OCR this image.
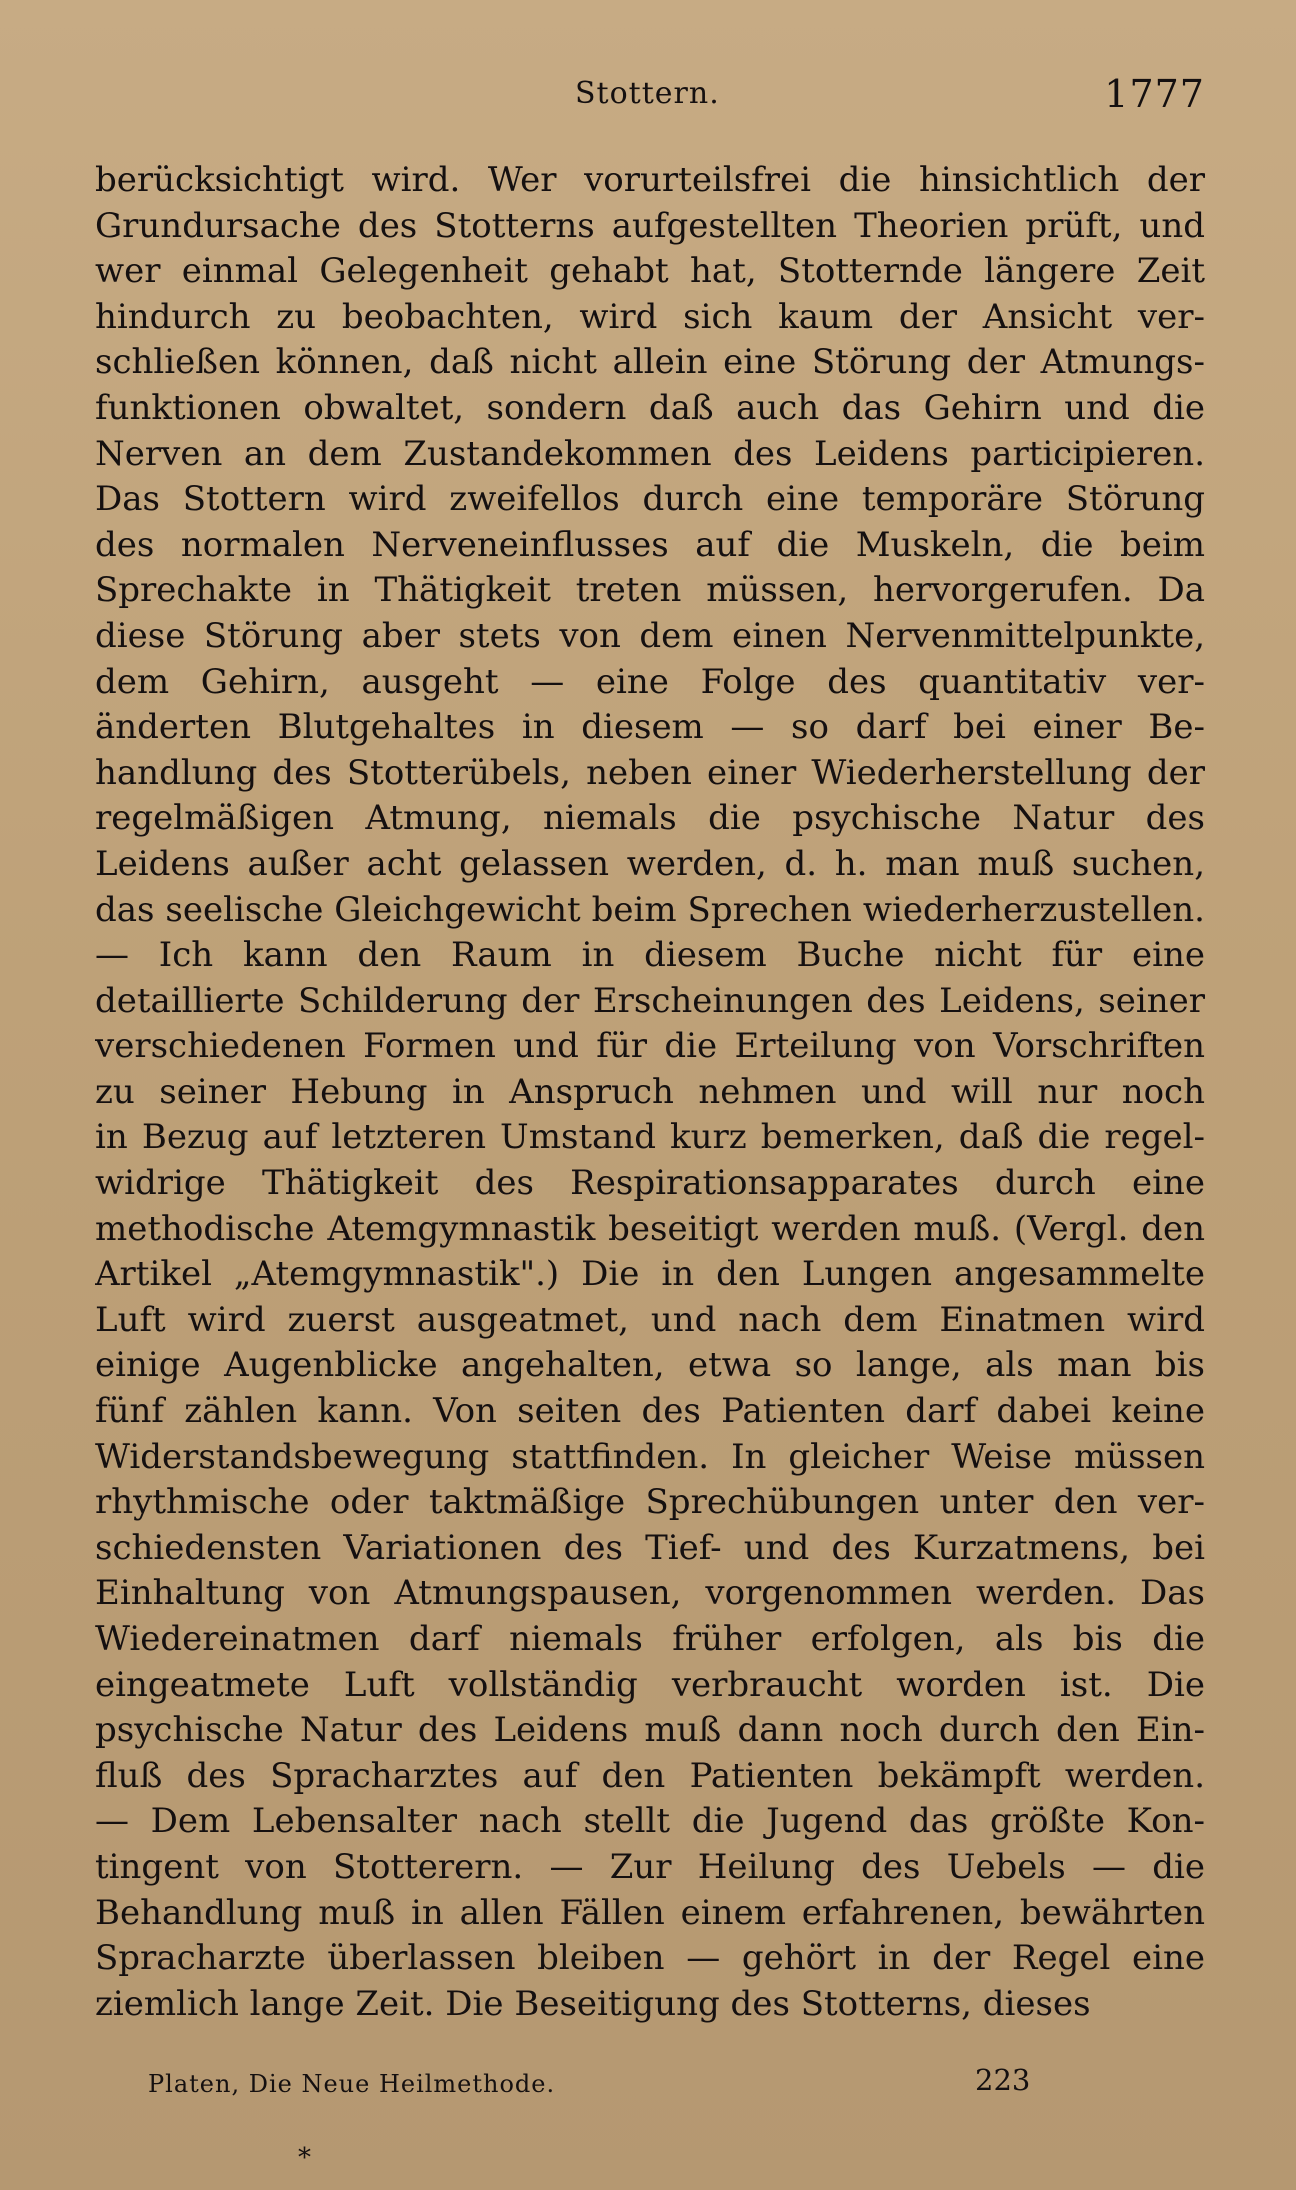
Stottern.	1777
berücksichtigt wird. Wer vorurteilsfrei die hinsichtlich der
Grundursache des Stotterns aufgestellten Theorien prüft, und
wer einmal Gelegenheit gehabt hat, Stotternde längere Zeit
hindurch zu beobachten, wird sich kaum der Ansicht ver-
schließen können, daß nicht allein eine Störung der Atmungs-
funktionen obwaltet, sondern daß auch das Gehirn und die
Nerven an dem Zustandekommen des Leidens participieren.
Das Stottern wird zweifellos durch eine temporäre Störung
des normalen Nerveneinflusses auf die Muskeln, die beim
Sprechakte in Thätigkeit treten müssen, hervorgerufen. Da
diese Störung aber stets von dem einen Nervenmittelpunkte,
dem Gehirn, ausgeht — eine Folge des quantitativ ver-
änderten Blutgehaltes in diesem — so darf bei einer Be-
handlung des Stotterübels, neben einer Wiederherstellung der
regelmäßigen Atmung, niemals die psychische Natur des
Leidens außer acht gelassen werden, d. h. man muß suchen,
das seelische Gleichgewicht beim Sprechen wiederherzustellen.
— Ich kann den Raum in diesem Buche nicht für eine
detaillierte Schilderung der Erscheinungen des Leidens, seiner
verschiedenen Formen und für die Erteilung von Vorschriften
zu seiner Hebung in Anspruch nehmen und will nur noch
in Bezug auf letzteren Umstand kurz bemerken, daß die regel-
widrige Thätigkeit des Respirationsapparates durch eine
methodische Atemgymnastik beseitigt werden muß. (Vergl. den
Artikel „Atemgymnastik".) Die in den Lungen angesammelte
Luft wird zuerst ausgeatmet, und nach dem Einatmen wird
einige Augenblicke angehalten, etwa so lange, als man bis
fünf zählen kann. Von seiten des Patienten darf dabei keine
Widerstandsbewegung stattfinden. In gleicher Weise müssen
rhythmische oder taktmäßige Sprechübungen unter den ver-
schiedensten Variationen des Tief- und des Kurzatmens, bei
Einhaltung von Atmungspausen, vorgenommen werden. Das
Wiedereinatmen darf niemals früher erfolgen, als bis die
eingeatmete Luft vollständig verbraucht worden ist. Die
psychische Natur des Leidens muß dann noch durch den Ein-
fluß des Spracharztes auf den Patienten bekämpft werden.
— Dem Lebensalter nach stellt die Jugend das größte Kon-
tingent von Stotterern. — Zur Heilung des Uebels — die
Behandlung muß in allen Fällen einem erfahrenen, bewährten
Spracharzte überlassen bleiben — gehört in der Regel eine
ziemlich lange Zeit. Die Beseitigung des Stotterns, dieses
Platen, Die Neue Heilmethode.	223
*
